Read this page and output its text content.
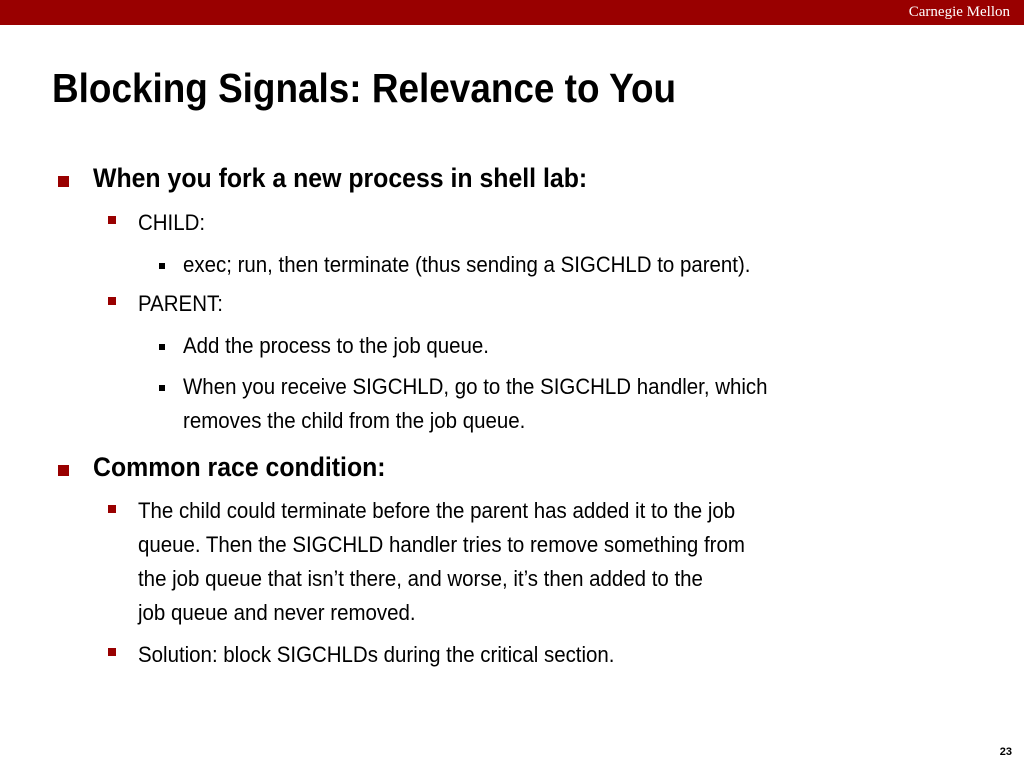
Carnegie Mellon
Blocking Signals: Relevance to You
When you fork a new process in shell lab:
CHILD:
exec; run, then terminate (thus sending a SIGCHLD to parent).
PARENT:
Add the process to the job queue.
When you receive SIGCHLD, go to the SIGCHLD handler, which
removes the child from the job queue.
Common race condition:
The child could terminate before the parent has added it to the job
queue. Then the SIGCHLD handler tries to remove something from
the job queue that isn’t there, and worse, it’s then added to the
job queue and never removed.
Solution: block SIGCHLDs during the critical section.
23
